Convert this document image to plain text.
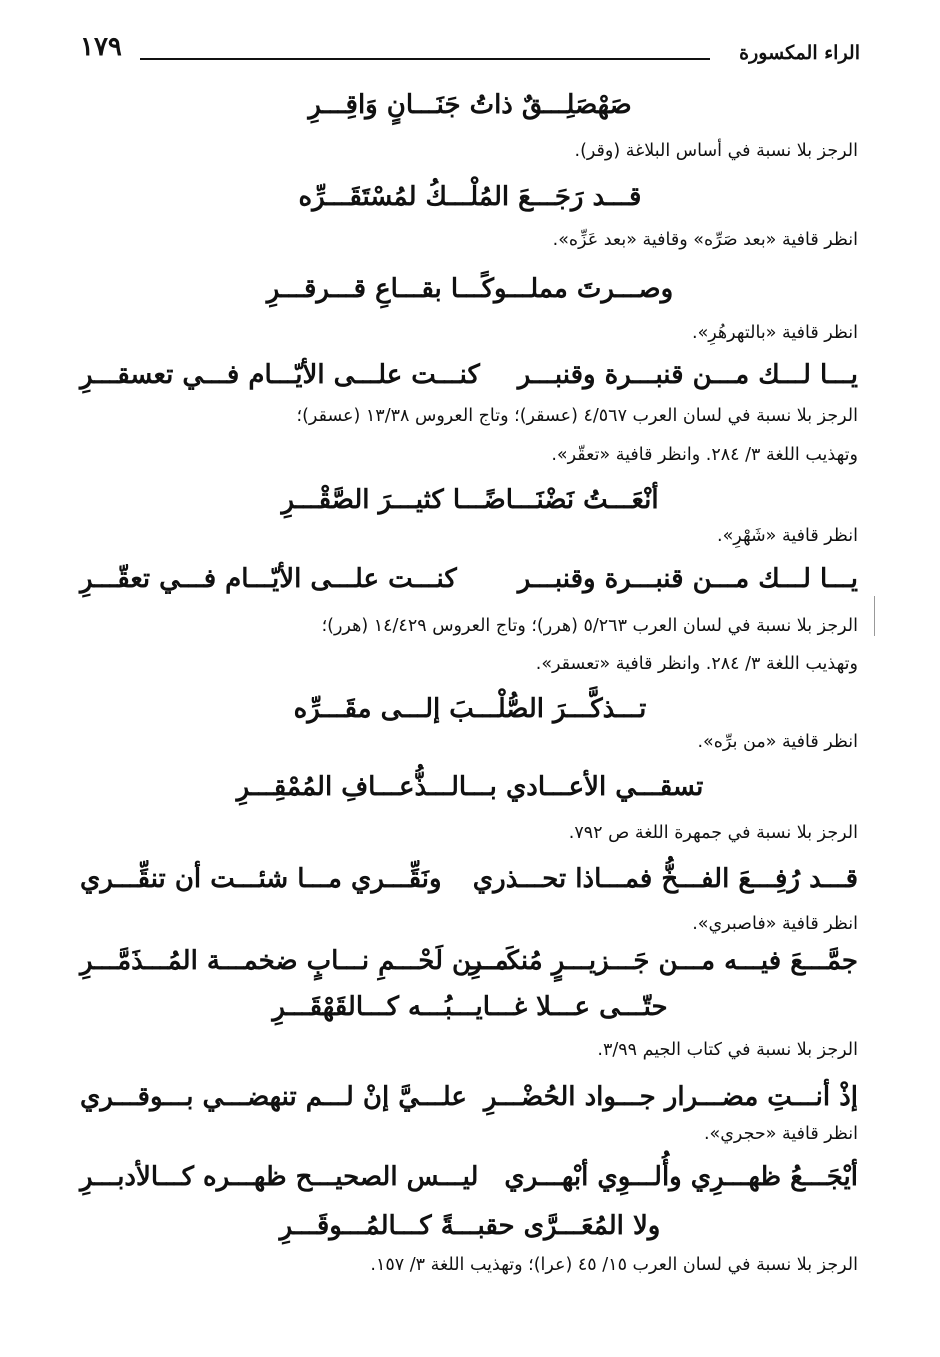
الراء المكسورة
١٧٩
صَهْصَلِـــقٌ ذاتُ جَنَـــانٍ وَاقِـــرِ
الرجز بلا نسبة في أساس البلاغة (وقر).
قـــد رَجَـــعَ المُلْـــكُ لمُسْتَقَـــرِّه
انظر قافية «بعد صَرِّه» وقافية «بعد عَزِّه».
وصـــرتَ مملـــوكًـــا بقـــاعِ قـــرقـــرِ
انظر قافية «بالتهرهُرِ».
يـــا لـــك مـــن قنبـــرة وقنبـــر
كنـــت علـــى الأيّـــام فـــي تعسقـــرِ
الرجز بلا نسبة في لسان العرب ٤/٥٦٧ (عسقر)؛ وتاج العروس ١٣/٣٨ (عسقر)؛
وتهذيب اللغة ٣/ ٢٨٤. وانظر قافية «تعقّر».
أنْعَـــتُ نَضْنَـــاضًـــا كثيـــرَ الصَّقْـــرِ
انظر قافية «شَهْرِ».
يـــا لـــك مـــن قنبـــرة وقنبـــر
كنـــت علـــى الأيّـــام فـــي تعقّـــرِ
الرجز بلا نسبة في لسان العرب ٥/٢٦٣ (هرر)؛ وتاج العروس ١٤/٤٢٩ (هرر)؛
وتهذيب اللغة ٣/ ٢٨٤. وانظر قافية «تعسقر».
تـــذكَّـــرَ الصُّلْـــبَ إلـــى مقَـــرِّه
انظر قافية «من برِّه».
تسقـــي الأعـــادي بـــالـــذُّعـــافِ المُمْقِـــرِ
الرجز بلا نسبة في جمهرة اللغة ص ٧٩٢.
قـــد رُفِـــعَ الفـــخُّ فمـــاذا تحـــذري
ونَقِّـــري مـــا شئـــت أن تنقِّـــري
انظر قافية «فاصبري».
جمَّـــعَ فيـــه مـــن جَـــزيـــرٍ مُنكَـــرِ
مـــن لَحْـــمِ نـــابٍ ضخمـــة المُـــذَمَّـــرِ
حتّـــى عـــلا غـــايـــبُـــه كـــالقَهْقَـــرِ
الرجز بلا نسبة في كتاب الجيم ٣/٩٩.
إذْ أنـــتِ مضـــرار جـــواد الحُضْـــرِ
علـــيَّ إنْ لـــم تنهضـــي بـــوقـــري
انظر قافية «حجري».
أيْجَـــعُ ظهـــرِي وأُلـــوِي أبْهـــري
ليـــس الصحيـــح ظهـــره كـــالأدبـــرِ
ولا المُعَـــرَّى حقبـــةً كـــالمُـــوقَـــرِ
الرجز بلا نسبة في لسان العرب ١٥/ ٤٥ (عرا)؛ وتهذيب اللغة ٣/ ١٥٧.
